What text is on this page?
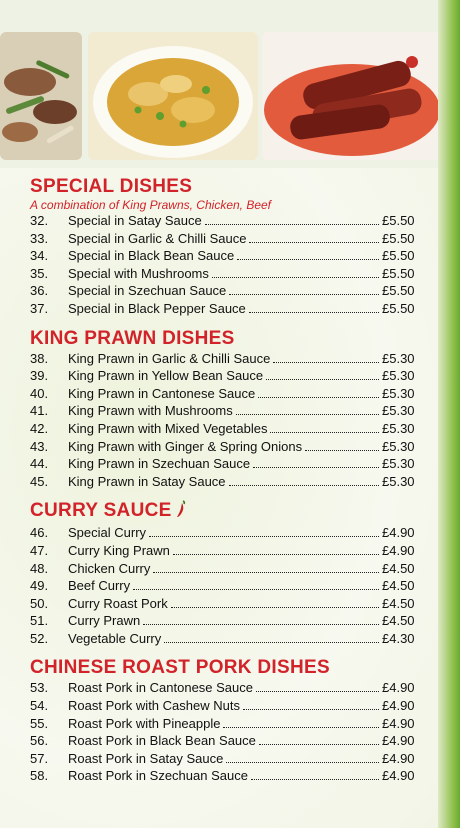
SPECIAL DISHES
A combination of King Prawns, Chicken, Beef
32.	Special in Satay Sauce	£5.50
33.	Special in Garlic & Chilli Sauce	£5.50
34.	Special in Black Bean Sauce	£5.50
35.	Special with Mushrooms	£5.50
36.	Special in Szechuan Sauce	£5.50
37.	Special in Black Pepper Sauce	£5.50
KING PRAWN DISHES
38.	King Prawn in Garlic & Chilli Sauce	£5.30
39.	King Prawn in Yellow Bean Sauce	£5.30
40.	King Prawn in Cantonese Sauce	£5.30
41.	King Prawn with Mushrooms	£5.30
42.	King Prawn with Mixed Vegetables	£5.30
43.	King Prawn with Ginger & Spring Onions	£5.30
44.	King Prawn in Szechuan Sauce	£5.30
45.	King Prawn in Satay Sauce	£5.30
CURRY SAUCE
46.	Special Curry	£4.90
47.	Curry King Prawn	£4.90
48.	Chicken Curry	£4.50
49.	Beef Curry	£4.50
50.	Curry Roast Pork	£4.50
51.	Curry Prawn	£4.50
52.	Vegetable Curry	£4.30
CHINESE ROAST PORK DISHES
53.	Roast Pork in Cantonese Sauce	£4.90
54.	Roast Pork with Cashew Nuts	£4.90
55.	Roast Pork with Pineapple	£4.90
56.	Roast Pork in Black Bean Sauce	£4.90
57.	Roast Pork in Satay Sauce	£4.90
58.	Roast Pork in Szechuan Sauce	£4.90
